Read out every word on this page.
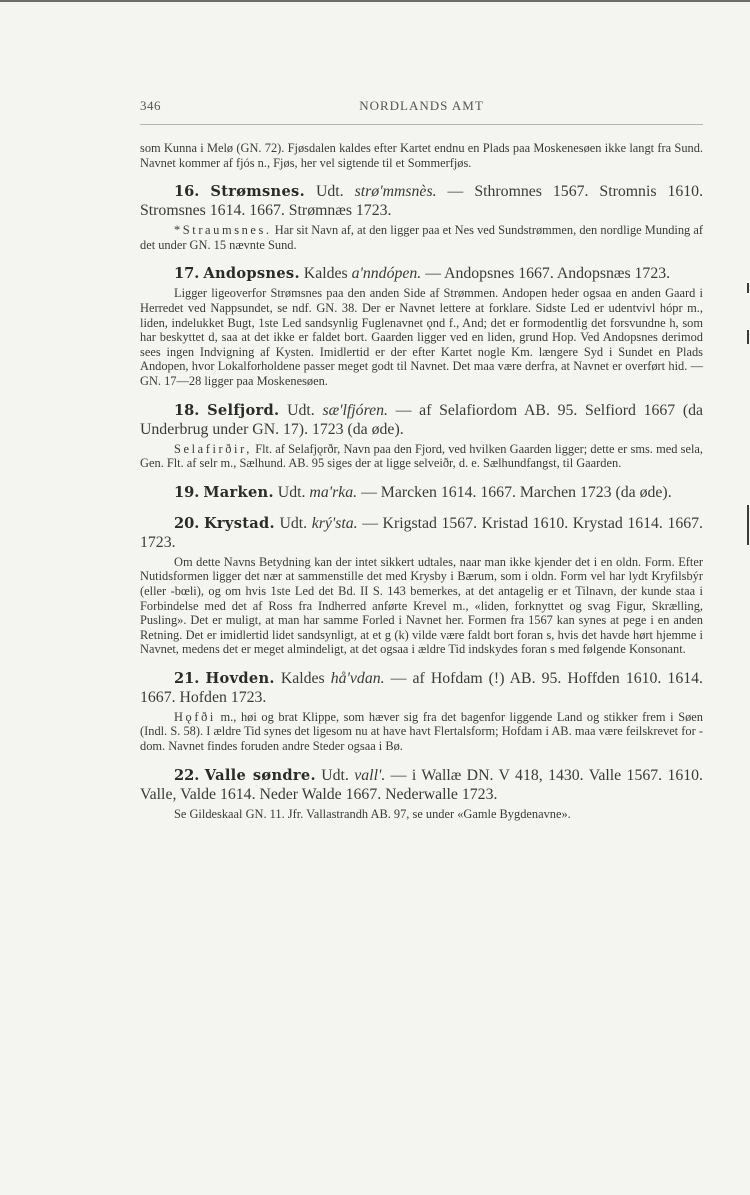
346	NORDLANDS AMT

som Kunna i Melø (GN. 72). Fjøsdalen kaldes efter Kartet endnu en Plads paa Moskenesøen ikke langt fra Sund. Navnet kommer af fjós n., Fjøs, her vel sigtende til et Sommerfjøs.

16. Strømsnes. Udt. strø'mmsnès. — Sthromnes 1567. Stromnis 1610. Stromsnes 1614. 1667. Strømnæs 1723.

*Straumsnes. Har sit Navn af, at den ligger paa et Nes ved Sundstrømmen, den nordlige Munding af det under GN. 15 nævnte Sund.

17. Andopsnes. Kaldes a'nndópen. — Andopsnes 1667. Andopsnæs 1723.

Ligger ligeoverfor Strømsnes paa den anden Side af Strømmen. Andopen heder ogsaa en anden Gaard i Herredet ved Nappsundet, se ndf. GN. 38. Der er Navnet lettere at forklare. Sidste Led er udentvivl hópr m., liden, indelukket Bugt, 1ste Led sandsynlig Fuglenavnet ǫnd f., And; det er formodentlig det forsvundne h, som har beskyttet d, saa at det ikke er faldet bort. Gaarden ligger ved en liden, grund Hop. Ved Andopsnes derimod sees ingen Indvigning af Kysten. Imidlertid er der efter Kartet nogle Km. længere Syd i Sundet en Plads Andopen, hvor Lokalforholdene passer meget godt til Navnet. Det maa være derfra, at Navnet er overført hid. — GN. 17—28 ligger paa Moskenesøen.

18. Selfjord. Udt. sæ'lfjóren. — af Selafiordom AB. 95. Selfiord 1667 (da Underbrug under GN. 17). 1723 (da øde).

Selafirðir, Flt. af Selafjǫrðr, Navn paa den Fjord, ved hvilken Gaarden ligger; dette er sms. med sela, Gen. Flt. af selr m., Sælhund. AB. 95 siges der at ligge selveiðr, d. e. Sælhundfangst, til Gaarden.

19. Marken. Udt. ma'rka. — Marcken 1614. 1667. Marchen 1723 (da øde).

20. Krystad. Udt. krý'sta. — Krigstad 1567. Kristad 1610. Krystad 1614. 1667. 1723.

Om dette Navns Betydning kan der intet sikkert udtales, naar man ikke kjender det i en oldn. Form. Efter Nutidsformen ligger det nær at sammenstille det med Krysby i Bærum, som i oldn. Form vel har lydt Kryfilsbýr (eller -bœli), og om hvis 1ste Led det Bd. II S. 143 bemerkes, at det antagelig er et Tilnavn, der kunde staa i Forbindelse med det af Ross fra Indherred anførte Krevel m., «liden, forknyttet og svag Figur, Skrælling, Pusling». Det er muligt, at man har samme Forled i Navnet her. Formen fra 1567 kan synes at pege i en anden Retning. Det er imidlertid lidet sandsynligt, at et g (k) vilde være faldt bort foran s, hvis det havde hørt hjemme i Navnet, medens det er meget almindeligt, at det ogsaa i ældre Tid indskydes foran s med følgende Konsonant.

21. Hovden. Kaldes hå'vdan. — af Hofdam (!) AB. 95. Hoffden 1610. 1614. 1667. Hofden 1723.

Hǫfði m., høi og brat Klippe, som hæver sig fra det bagenfor liggende Land og stikker frem i Søen (Indl. S. 58). I ældre Tid synes det ligesom nu at have havt Flertalsform; Hofdam i AB. maa være feilskrevet for -dom. Navnet findes foruden andre Steder ogsaa i Bø.

22. Valle søndre. Udt. vall'. — i Wallæ DN. V 418, 1430. Valle 1567. 1610. Valle, Valde 1614. Neder Walde 1667. Nederwalle 1723.

Se Gildeskaal GN. 11. Jfr. Vallastrandh AB. 97, se under «Gamle Bygdenavne».
